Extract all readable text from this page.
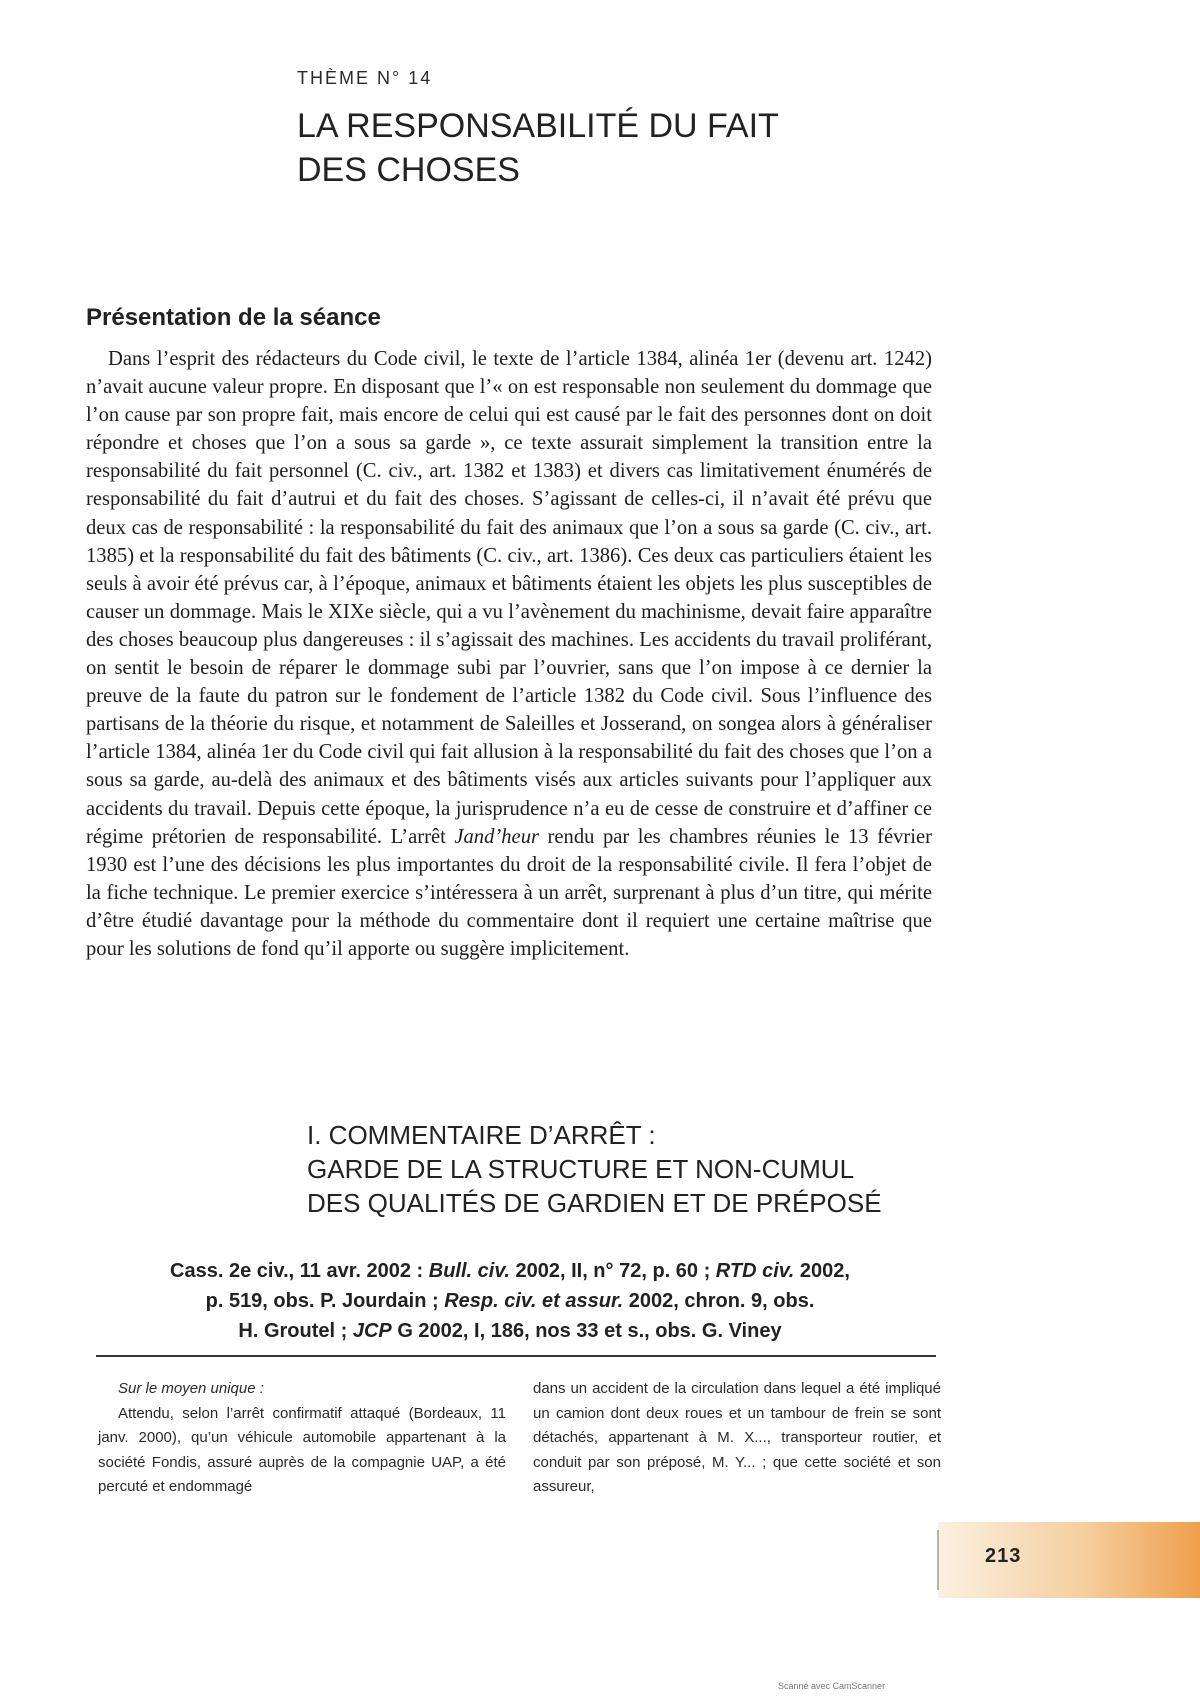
THÈME N° 14
LA RESPONSABILITÉ DU FAIT
DES CHOSES
Présentation de la séance

Dans l’esprit des rédacteurs du Code civil, le texte de l’article 1384, alinéa 1er (devenu art. 1242) n’avait aucune valeur propre. En disposant que l’« on est responsable non seulement du dommage que l’on cause par son propre fait, mais encore de celui qui est causé par le fait des personnes dont on doit répondre et choses que l’on a sous sa garde », ce texte assurait simplement la transition entre la responsabilité du fait personnel (C. civ., art. 1382 et 1383) et divers cas limitativement énumérés de responsabilité du fait d’autrui et du fait des choses. S’agissant de celles-ci, il n’avait été prévu que deux cas de responsabilité : la responsabilité du fait des animaux que l’on a sous sa garde (C. civ., art. 1385) et la responsabilité du fait des bâtiments (C. civ., art. 1386). Ces deux cas particuliers étaient les seuls à avoir été prévus car, à l’époque, animaux et bâtiments étaient les objets les plus susceptibles de causer un dommage. Mais le XIXe siècle, qui a vu l’avènement du machinisme, devait faire apparaître des choses beaucoup plus dangereuses : il s’agissait des machines. Les accidents du travail proliférant, on sentit le besoin de réparer le dommage subi par l’ouvrier, sans que l’on impose à ce dernier la preuve de la faute du patron sur le fondement de l’article 1382 du Code civil. Sous l’influence des partisans de la théorie du risque, et notamment de Saleilles et Josserand, on songea alors à généraliser l’article 1384, alinéa 1er du Code civil qui fait allusion à la responsabilité du fait des choses que l’on a sous sa garde, au-delà des animaux et des bâtiments visés aux articles suivants pour l’appliquer aux accidents du travail. Depuis cette époque, la jurisprudence n’a eu de cesse de construire et d’affiner ce régime prétorien de responsabilité. L’arrêt Jand’heur rendu par les chambres réunies le 13 février 1930 est l’une des décisions les plus importantes du droit de la responsabilité civile. Il fera l’objet de la fiche technique. Le premier exercice s’intéressera à un arrêt, surprenant à plus d’un titre, qui mérite d’être étudié davantage pour la méthode du commentaire dont il requiert une certaine maîtrise que pour les solutions de fond qu’il apporte ou suggère implicitement.

I. COMMENTAIRE D’ARRÊT :
GARDE DE LA STRUCTURE ET NON-CUMUL
DES QUALITÉS DE GARDIEN ET DE PRÉPOSÉ
Cass. 2e civ., 11 avr. 2002 : Bull. civ. 2002, II, n° 72, p. 60 ; RTD civ. 2002,
p. 519, obs. P. Jourdain ; Resp. civ. et assur. 2002, chron. 9, obs.
H. Groutel ; JCP G 2002, I, 186, nos 33 et s., obs. G. Viney
Sur le moyen unique :
Attendu, selon l’arrêt confirmatif attaqué (Bordeaux, 11 janv. 2000), qu’un véhicule automobile appartenant à la société Fondis, assuré auprès de la compagnie UAP, a été percuté et endommagé
dans un accident de la circulation dans lequel a été impliqué un camion dont deux roues et un tambour de frein se sont détachés, appartenant à M. X..., transporteur routier, et conduit par son préposé, M. Y... ; que cette société et son assureur,
213
Scanné avec CamScanner
